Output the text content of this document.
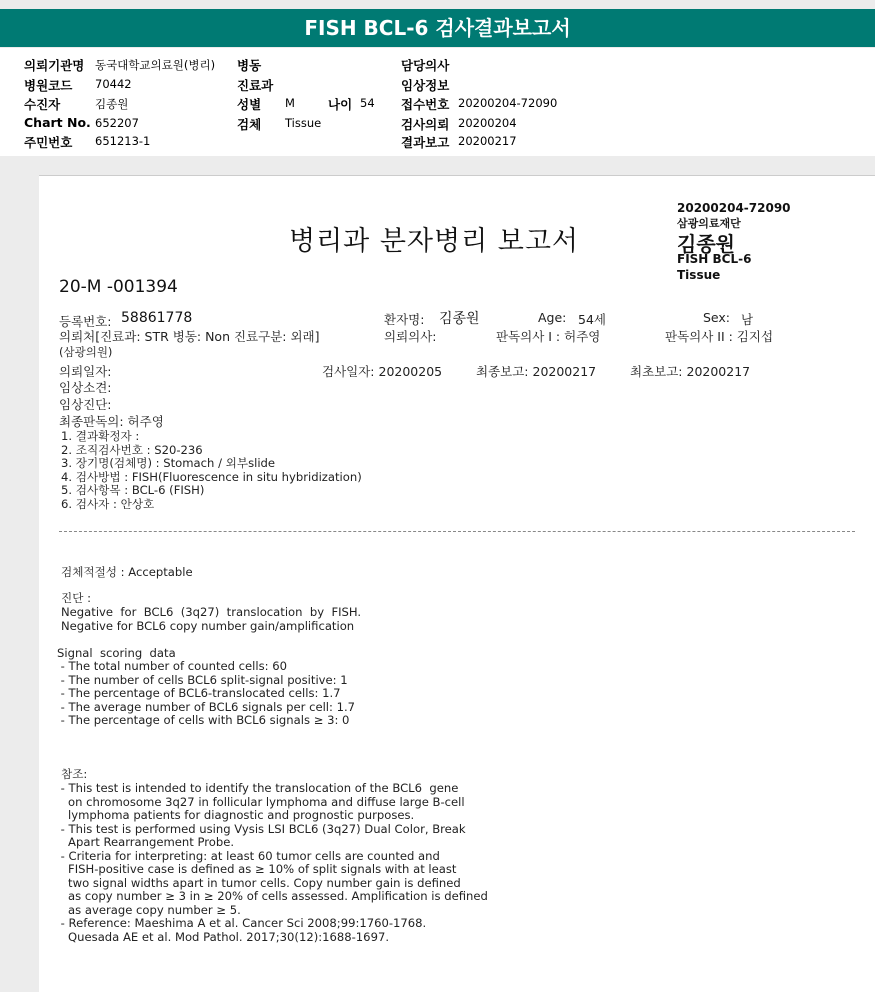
FISH BCL-6 검사결과보고서
의뢰기관명 동국대학교의료원(병리) 병동	담당의사
병원코드 70442	진료과	임상정보
수진자	김종원	성별 M	나이 54 접수번호 20200204-72090
Chart No. 652207	검체 Tissue	검사의뢰 20200204
주민번호 651213-1	결과보고 20200217
병리과 분자병리 보고서
20200204-72090
삼광의료재단
김종원
FISH BCL-6
Tissue
20-M -001394
등록번호: 58861778	환자명: 김종원	Age: 54세	Sex: 남
의뢰처[진료과: STR 병동: Non 진료구분: 외래]	의뢰의사:	판독의사 I : 허주영	판독의사 II : 김지섭
(삼광의원)
의뢰일자:	검사일자: 20200205	최종보고: 20200217	최초보고: 20200217
임상소견:
임상진단:
최종판독의: 허주영
1. 결과확정자 :
2. 조직검사번호 : S20-236
3. 장기명(검체명) : Stomach / 외부slide
4. 검사방법 : FISH(Fluorescence in situ hybridization)
5. 검사항목 : BCL-6 (FISH)
6. 검사자 : 안상호
검체적절성 : Acceptable
진단 :
Negative  for  BCL6  (3q27)  translocation  by  FISH.
Negative for BCL6 copy number gain/amplification
Signal  scoring  data
- The total number of counted cells: 60
- The number of cells BCL6 split-signal positive: 1
- The percentage of BCL6-translocated cells: 1.7
- The average number of BCL6 signals per cell: 1.7
- The percentage of cells with BCL6 signals ≥ 3: 0
참조:
- This test is intended to identify the translocation of the BCL6  gene
on chromosome 3q27 in follicular lymphoma and diffuse large B-cell
lymphoma patients for diagnostic and prognostic purposes.
- This test is performed using Vysis LSI BCL6 (3q27) Dual Color, Break
Apart Rearrangement Probe.
- Criteria for interpreting: at least 60 tumor cells are counted and
FISH-positive case is defined as ≥ 10% of split signals with at least
two signal widths apart in tumor cells. Copy number gain is defined
as copy number ≥ 3 in ≥ 20% of cells assessed. Amplification is defined
as average copy number ≥ 5.
- Reference: Maeshima A et al. Cancer Sci 2008;99:1760-1768.
Quesada AE et al. Mod Pathol. 2017;30(12):1688-1697.
